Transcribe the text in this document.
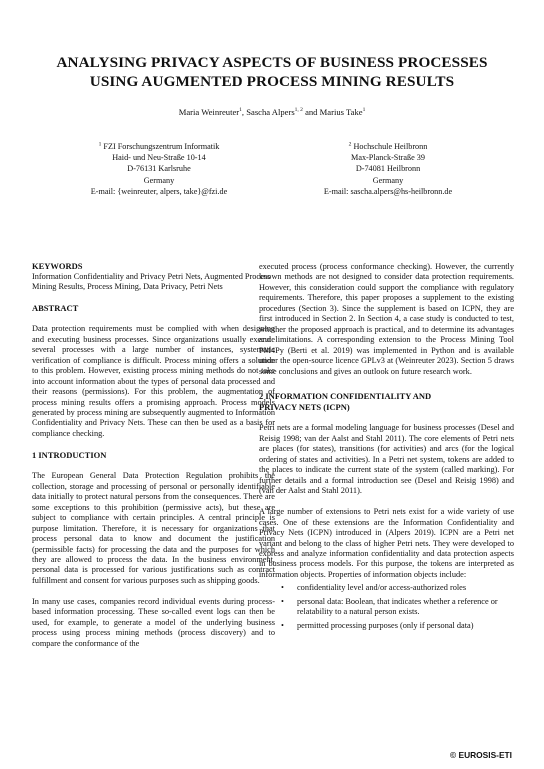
ANALYSING PRIVACY ASPECTS OF BUSINESS PROCESSES
USING AUGMENTED PROCESS MINING RESULTS
Maria Weinreuter$^1$, Sascha Alpers$^{1, 2}$ and Marius Take$^1$
$^1$ FZI Forschungszentrum Informatik
Haid- und Neu-Straße 10-14
D-76131 Karlsruhe
Germany
E-mail: {weinreuter, alpers, take}@fzi.de
$^2$ Hochschule Heilbronn
Max-Planck-Straße 39
D-74081 Heilbronn
Germany
E-mail: sascha.alpers@hs-heilbronn.de

KEYWORDS

Information Confidentiality and Privacy Petri Nets, Augmented Process Mining Results, Process Mining, Data Privacy, Petri Nets

ABSTRACT

Data protection requirements must be complied with when designing and executing business processes. Since organizations usually execute several processes with a large number of instances, systematic verification of compliance is difficult. Process mining offers a solution to this problem. However, existing process mining methods do not take into account information about the types of personal data processed and their reasons (permissions). For this problem, the augmentation of process mining results offers a promising approach. Process models generated by process mining are subsequently augmented to Information Confidentiality and Privacy Nets. These can then be used as a basis for compliance checking.

1 INTRODUCTION

The European General Data Protection Regulation prohibits the collection, storage and processing of personal or personally identifiable data initially to protect natural persons from the consequences. There are some exceptions to this prohibition (permissive acts), but these are subject to compliance with certain principles. A central principle is purpose limitation. Therefore, it is necessary for organizations that process personal data to know and document the justification (permissible facts) for processing the data and the purposes for which they are allowed to process the data. In the business environment, personal data is processed for various justifications such as contract fulfillment and consent for various purposes such as shipping goods.

In many use cases, companies record individual events during process-based information processing. These so-called event logs can then be used, for example, to generate a model of the underlying business process using process mining methods (process discovery) and to compare the conformance of the

executed process (process conformance checking). However, the currently known methods are not designed to consider data protection requirements. However, this consideration could support the compliance with regulatory requirements. Therefore, this paper proposes a supplement to the existing procedures (Section 3). Since the supplement is based on ICPN, they are first introduced in Section 2. In Section 4, a case study is conducted to test, whether the proposed approach is practical, and to determine its advantages and limitations. A corresponding extension to the Process Mining Tool PM4Py (Berti et al. 2019) was implemented in Python and is available under the open-source licence GPLv3 at (Weinreuter 2023). Section 5 draws some conclusions and gives an outlook on future research work.

2 INFORMATION CONFIDENTIALITY AND
PRIVACY NETS (ICPN)

Petri nets are a formal modeling language for business processes (Desel and Reisig 1998; van der Aalst and Stahl 2011). The core elements of Petri nets are places (for states), transitions (for activities) and arcs (for the logical ordering of states and activities). In a Petri net system, tokens are added to the places to indicate the current state of the system (called marking). For further details and a formal introduction see (Desel and Reisig 1998) and (van der Aalst and Stahl 2011).

A large number of extensions to Petri nets exist for a wide variety of use cases. One of these extensions are the Information Confidentiality and Privacy Nets (ICPN) introduced in (Alpers 2019). ICPN are a Petri net variant and belong to the class of higher Petri nets. They were developed to express and analyze information confidentiality and data protection aspects in business process models. For this purpose, the tokens are interpreted as information objects. Properties of information objects include:

• confidentiality level and/or access-authorized roles
• personal data: Boolean, that indicates whether a reference or relatability to a natural person exists.
• permitted processing purposes (only if personal data)
© EUROSIS-ETI
